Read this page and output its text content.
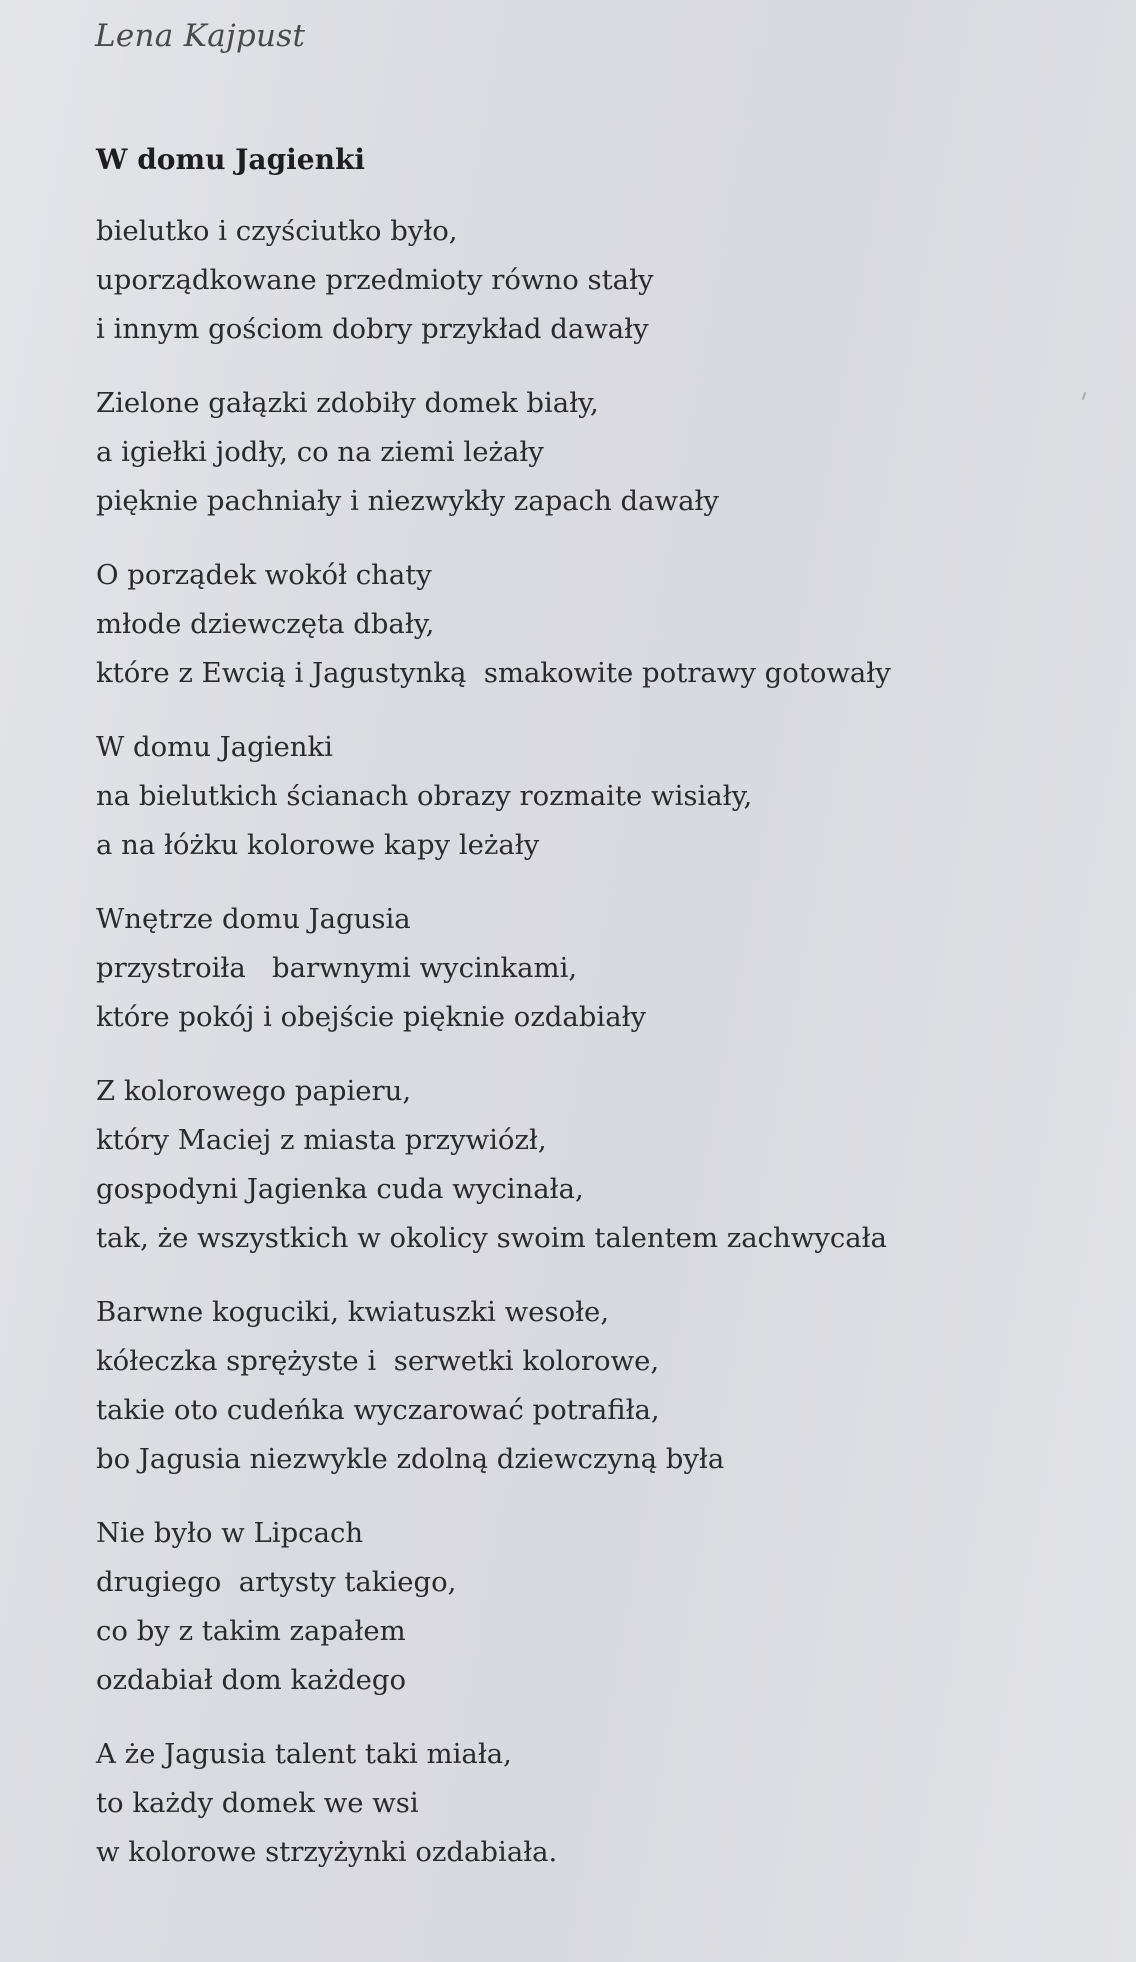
Lena Kajpust
W domu Jagienki
bielutko i czyściutko było,
uporządkowane przedmioty równo stały
i innym gościom dobry przykład dawały
Zielone gałązki zdobiły domek biały,
a igiełki jodły, co na ziemi leżały
pięknie pachniały i niezwykły zapach dawały
O porządek wokół chaty
młode dziewczęta dbały,
które z Ewcią i Jagustynką  smakowite potrawy gotowały
W domu Jagienki
na bielutkich ścianach obrazy rozmaite wisiały,
a na łóżku kolorowe kapy leżały
Wnętrze domu Jagusia
przystroiła   barwnymi wycinkami,
które pokój i obejście pięknie ozdabiały
Z kolorowego papieru,
który Maciej z miasta przywiózł,
gospodyni Jagienka cuda wycinała,
tak, że wszystkich w okolicy swoim talentem zachwycała
Barwne koguciki, kwiatuszki wesołe,
kółeczka sprężyste i  serwetki kolorowe,
takie oto cudeńka wyczarować potrafiła,
bo Jagusia niezwykle zdolną dziewczyną była
Nie było w Lipcach
drugiego  artysty takiego,
co by z takim zapałem
ozdabiał dom każdego
A że Jagusia talent taki miała,
to każdy domek we wsi
w kolorowe strzyżynki ozdabiała.
